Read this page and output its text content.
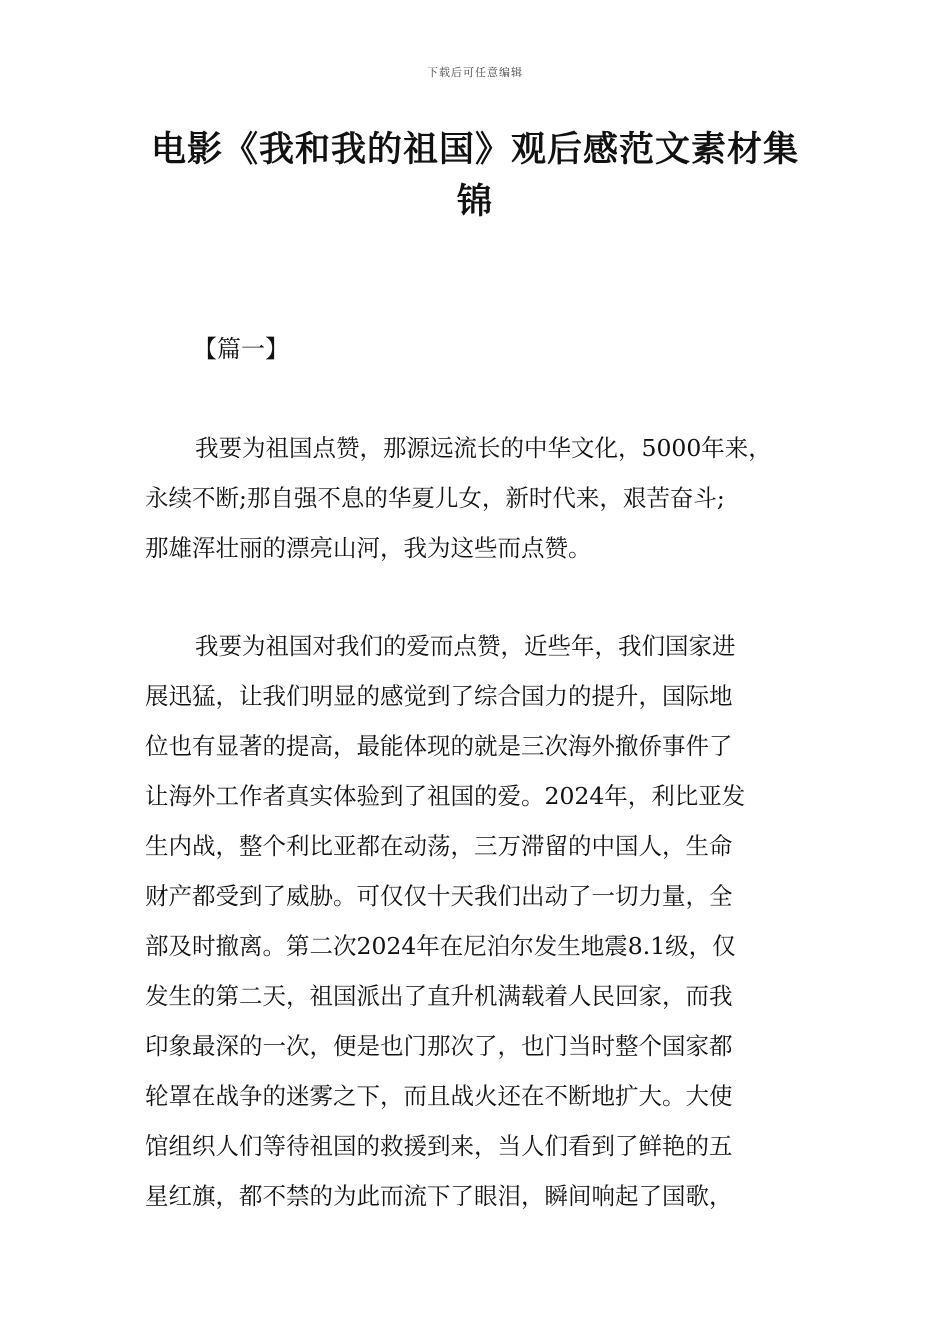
下载后可任意编辑
电影《我和我的祖国》观后感范文素材集
锦
【篇一】
我要为祖国点赞，那源远流长的中华文化，5000年来，
永续不断;那自强不息的华夏儿女，新时代来，艰苦奋斗;
那雄浑壮丽的漂亮山河，我为这些而点赞。
我要为祖国对我们的爱而点赞，近些年，我们国家进
展迅猛，让我们明显的感觉到了综合国力的提升，国际地
位也有显著的提高，最能体现的就是三次海外撤侨事件了
让海外工作者真实体验到了祖国的爱。2024年，利比亚发
生内战，整个利比亚都在动荡，三万滞留的中国人，生命
财产都受到了威胁。可仅仅十天我们出动了一切力量，全
部及时撤离。第二次2024年在尼泊尔发生地震8.1级，仅
发生的第二天，祖国派出了直升机满载着人民回家，而我
印象最深的一次，便是也门那次了，也门当时整个国家都
轮罩在战争的迷雾之下，而且战火还在不断地扩大。大使
馆组织人们等待祖国的救援到来，当人们看到了鲜艳的五
星红旗，都不禁的为此而流下了眼泪，瞬间响起了国歌，
